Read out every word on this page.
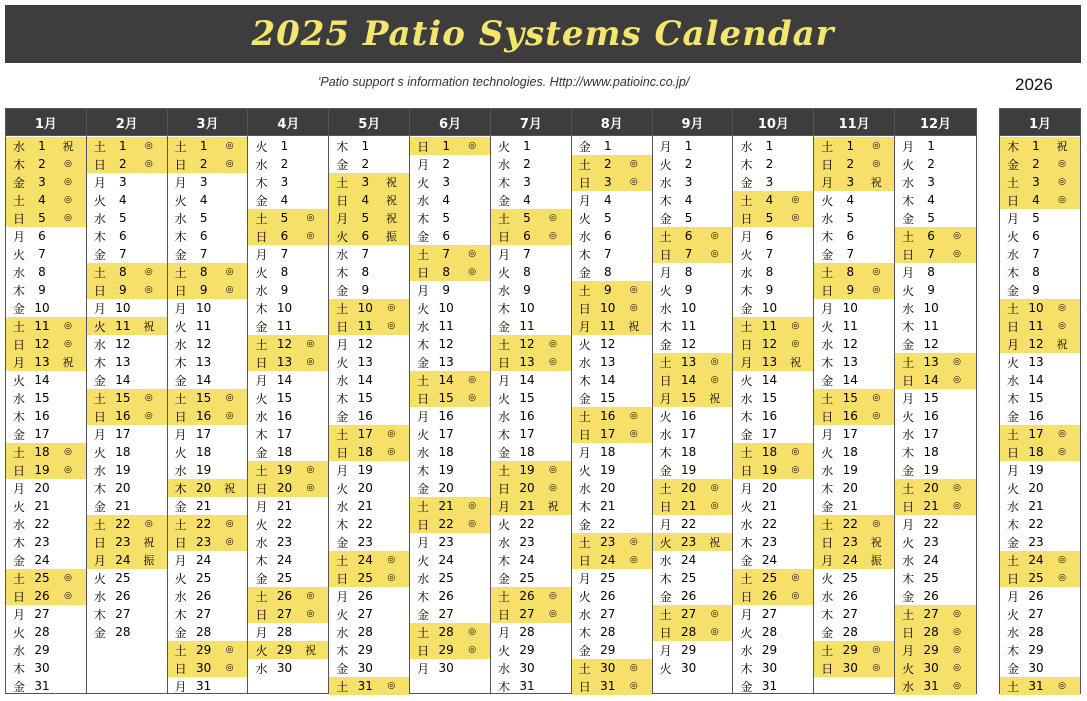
2025 Patio Systems Calendar
'Patio support s information technologies. Http://www.patioinc.co.jp/	2026
1月
水	1	祝
木	2	◎
金	3	◎
土	4	◎
日	5	◎
月	6
火	7
水	8
木	9
金 10
土 11	◎
日 12	◎
月 13	祝
火 14
水 15
木 16
金 17
土 18	◎
日 19	◎
月 20
火 21
水 22
木 23
金 24
土 25	◎
日 26	◎
月 27
火 28
水 29
木 30
金 31
2月
土	1	◎
日	2	◎
月	3
火	4
水	5
木	6
金	7
土	8	◎
日	9	◎
月 10
火 11	祝
水 12
木 13
金 14
土 15	◎
日 16	◎
月 17
火 18
水 19
木 20
金 21
土 22	◎
日 23	祝
月 24	振
火 25
水 26
木 27
金 28
3月
土	1	◎
日	2	◎
月	3
火	4
水	5
木	6
金	7
土	8	◎
日	9	◎
月 10
火 11
水 12
木 13
金 14
土 15	◎
日 16	◎
月 17
火 18
水 19
木 20	祝
金 21
土 22	◎
日 23	◎
月 24
火 25
水 26
木 27
金 28
土 29	◎
日 30	◎
月 31
4月
火	1
水	2
木	3
金	4
土	5	◎
日	6	◎
月	7
火	8
水	9
木 10
金 11
土 12	◎
日 13	◎
月 14
火 15
水 16
木 17
金 18
土 19	◎
日 20	◎
月 21
火 22
水 23
木 24
金 25
土 26	◎
日 27	◎
月 28
火 29	祝
水 30
5月
木	1
金	2
土	3	祝
日	4	祝
月	5	祝
火	6	振
水	7
木	8
金	9
土 10	◎
日 11	◎
月 12
火 13
水 14
木 15
金 16
土 17	◎
日 18	◎
月 19
火 20
水 21
木 22
金 23
土 24	◎
日 25	◎
月 26
火 27
水 28
木 29
金 30
土 31	◎
6月
日	1	◎
月	2
火	3
水	4
木	5
金	6
土	7	◎
日	8	◎
月	9
火 10
水 11
木 12
金 13
土 14	◎
日 15	◎
月 16
火 17
水 18
木 19
金 20
土 21	◎
日 22	◎
月 23
火 24
水 25
木 26
金 27
土 28	◎
日 29	◎
月 30
7月
火	1
水	2
木	3
金	4
土	5	◎
日	6	◎
月	7
火	8
水	9
木 10
金 11
土 12	◎
日 13	◎
月 14
火 15
水 16
木 17
金 18
土 19	◎
日 20	◎
月 21	祝
火 22
水 23
木 24
金 25
土 26	◎
日 27	◎
月 28
火 29
水 30
木 31
8月
金	1
土	2	◎
日	3	◎
月	4
火	5
水	6
木	7
金	8
土	9	◎
日 10	◎
月 11	祝
火 12
水 13
木 14
金 15
土 16	◎
日 17	◎
月 18
火 19
水 20
木 21
金 22
土 23	◎
日 24	◎
月 25
火 26
水 27
木 28
金 29
土 30	◎
日 31	◎
9月
月	1
火	2
水	3
木	4
金	5
土	6	◎
日	7	◎
月	8
火	9
水 10
木 11
金 12
土 13	◎
日 14	◎
月 15	祝
火 16
水 17
木 18
金 19
土 20	◎
日 21	◎
月 22
火 23	祝
水 24
木 25
金 26
土 27	◎
日 28	◎
月 29
火 30
10月
水	1
木	2
金	3
土	4	◎
日	5	◎
月	6
火	7
水	8
木	9
金 10
土 11	◎
日 12	◎
月 13	祝
火 14
水 15
木 16
金 17
土 18	◎
日 19	◎
月 20
火 21
水 22
木 23
金 24
土 25	◎
日 26	◎
月 27
火 28
水 29
木 30
金 31
11月
土	1	◎
日	2	◎
月	3	祝
火	4
水	5
木	6
金	7
土	8	◎
日	9	◎
月 10
火 11
水 12
木 13
金 14
土 15	◎
日 16	◎
月 17
火 18
水 19
木 20
金 21
土 22	◎
日 23	祝
月 24	振
火 25
水 26
木 27
金 28
土 29	◎
日 30	◎
12月
月	1
火	2
水	3
木	4
金	5
土	6	◎
日	7	◎
月	8
火	9
水 10
木 11
金 12
土 13	◎
日 14	◎
月 15
火 16
水 17
木 18
金 19
土 20	◎
日 21	◎
月 22
火 23
水 24
木 25
金 26
土 27	◎
日 28	◎
月 29	◎
火 30	◎
水 31	◎
1月
木	1	祝
金	2	◎
土	3	◎
日	4	◎
月	5
火	6
水	7
木	8
金	9
土 10	◎
日 11	◎
月 12	祝
火 13
水 14
木 15
金 16
土 17	◎
日 18	◎
月 19
火 20
水 21
木 22
金 23
土 24	◎
日 25	◎
月 26
火 27
水 28
木 29
金 30
土 31	◎
